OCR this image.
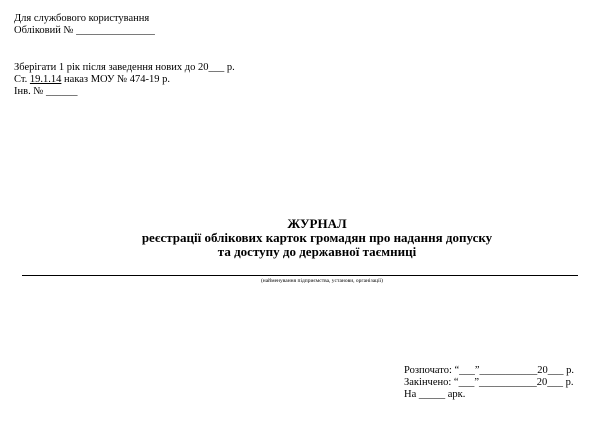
Для службового користування
Обліковий № _______________
Зберігати 1 рік після заведення нових до 20___ р.
Ст. 19.1.14 наказ МОУ № 474-19 р.
Інв. № ______
ЖУРНАЛ
реєстрації облікових карток громадян про надання допуску
та доступу до державної таємниці
(найменування підприємства, установи, організації)
Розпочато: “___”___________20___ р.
Закінчено: “___”___________20___ р.
На _____ арк.
